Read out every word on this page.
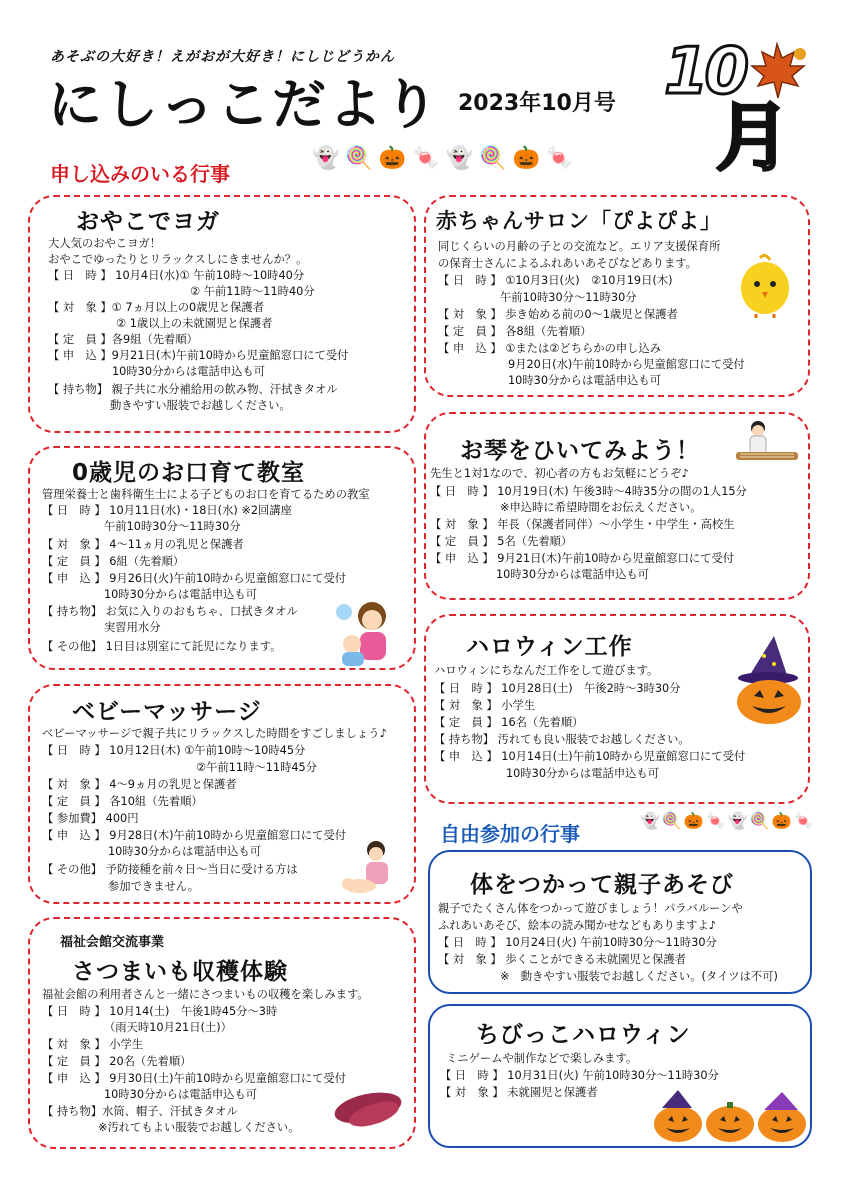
あそぶの大好き！えがおが大好き！にしじどうかん
にしっこだより 2023年10月号 10
月
申し込みのいる行事
👻 🍭 🎃 🍬 👻 🍭 🎃 🍬
おやこでヨガ
大人気のおやこヨガ！
おやこでゆったりとリラックスしにきませんか？。
【 日　時 】 10月4日(水)① 午前10時～10時40分
② 午前11時～11時40分
【 対　象 】① 7ヵ月以上の0歳児と保護者
② 1歳以上の未就園児と保護者
【 定　員 】各9組（先着順）
【 申　込 】9月21日(木)午前10時から児童館窓口にて受付
10時30分からは電話申込も可
【 持ち物】 親子共に水分補給用の飲み物、汗拭きタオル
動きやすい服装でお越しください。
0歳児のお口育て教室
管理栄養士と歯科衛生士による子どものお口を育てるための教室
【 日　時 】 10月11日(水)・18日(水) ※2回講座
午前10時30分～11時30分
【 対　象 】 4～11ヵ月の乳児と保護者
【 定　員 】 6組（先着順）
【 申　込 】 9月26日(火)午前10時から児童館窓口にて受付
10時30分からは電話申込も可
【 持ち物】 お気に入りのおもちゃ、口拭きタオル
実習用水分
【 その他】 1日目は別室にて託児になります。
ベビーマッサージ
ベビーマッサージで親子共にリラックスした時間をすごしましょう♪
【 日　時 】 10月12日(木) ①午前10時～10時45分
②午前11時～11時45分
【 対　象 】 4～9ヵ月の乳児と保護者
【 定　員 】 各10組（先着順）
【 参加費】 400円
【 申　込 】 9月28日(木)午前10時から児童館窓口にて受付
10時30分からは電話申込も可
【 その他】 予防接種を前々日～当日に受ける方は
参加できません。
福祉会館交流事業
さつまいも収穫体験
福祉会館の利用者さんと一緒にさつまいもの収穫を楽しみます。
【 日　時 】 10月14(土)　午後1時45分～3時
（雨天時10月21日(土)）
【 対　象 】 小学生
【 定　員 】 20名（先着順）
【 申　込 】 9月30日(土)午前10時から児童館窓口にて受付
10時30分からは電話申込も可
【 持ち物】水筒、帽子、汗拭きタオル
※汚れてもよい服装でお越しください。
赤ちゃんサロン「ぴよぴよ」
同じくらいの月齢の子との交流など。エリア支援保育所
の保育士さんによるふれあいあそびなどあります。
【 日　時 】 ①10月3日(火)　②10月19日(木)
午前10時30分～11時30分
【 対　象 】 歩き始める前の0～1歳児と保護者
【 定　員 】 各8組（先着順）
【 申　込 】 ①または②どちらかの申し込み
9月20日(水)午前10時から児童館窓口にて受付
10時30分からは電話申込も可
お琴をひいてみよう！
先生と1対1なので、初心者の方もお気軽にどうぞ♪
【 日　時 】 10月19日(木) 午後3時～4時35分の間の1人15分
※申込時に希望時間をお伝えください。
【 対　象 】 年長（保護者同伴）～小学生・中学生・高校生
【 定　員 】 5名（先着順）
【 申　込 】 9月21日(木)午前10時から児童館窓口にて受付
10時30分からは電話申込も可
ハロウィン工作
ハロウィンにちなんだ工作をして遊びます。
【 日　時 】 10月28日(土)　午後2時～3時30分
【 対　象 】 小学生
【 定　員 】 16名（先着順）
【 持ち物】 汚れても良い服装でお越しください。
【 申　込 】 10月14日(土)午前10時から児童館窓口にて受付
10時30分からは電話申込も可
自由参加の行事
👻 🍭 🎃 🍬 👻 🍭 🎃 🍬
体をつかって親子あそび
親子でたくさん体をつかって遊びましょう！パラバルーンや
ふれあいあそび、絵本の読み聞かせなどもありますよ♪
【 日　時 】 10月24日(火) 午前10時30分～11時30分
【 対　象 】 歩くことができる未就園児と保護者
※　動きやすい服装でお越しください。(タイツは不可)
ちびっこハロウィン
ミニゲームや制作などで楽しみます。
【 日　時 】 10月31日(火) 午前10時30分～11時30分
【 対　象 】 未就園児と保護者
